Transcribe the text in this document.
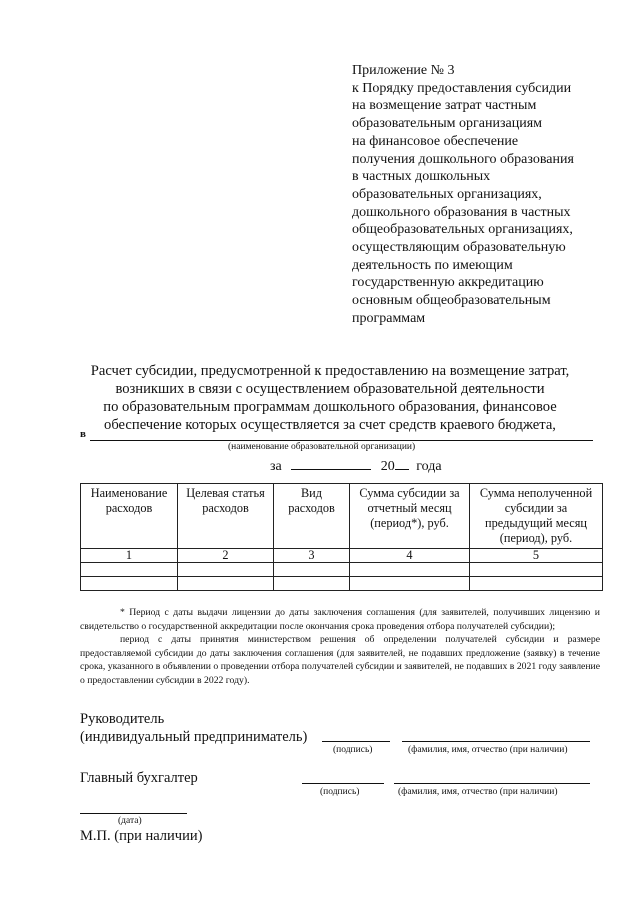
Приложение № 3
к Порядку предоставления субсидии
на возмещение затрат частным
образовательным организациям
на финансовое обеспечение
получения дошкольного образования
в частных дошкольных
образовательных организациях,
дошкольного образования в частных
общеобразовательных организациях,
осуществляющим образовательную
деятельность по имеющим
государственную аккредитацию
основным общеобразовательным
программам
Расчет субсидии, предусмотренной к предоставлению на возмещение затрат,
возникших в связи с осуществлением образовательной деятельности
по образовательным программам дошкольного образования, финансовое
обеспечение которых осуществляется за счет средств краевого бюджета,
в
(наименование образовательной организации)
за	20 года
Наименование расходов	Целевая статья расходов	Вид расходов	Сумма субсидии за отчетный месяц (период*), руб.	Сумма неполученной субсидии за предыдущий месяц (период), руб.
1	2	3	4	5

* Период с даты выдачи лицензии до даты заключения соглашения (для заявителей, получивших лицензию и свидетельство о государственной аккредитации после окончания срока проведения отбора получателей субсидии);

период с даты принятия министерством решения об определении получателей субсидии и размере предоставляемой субсидии до даты заключения соглашения (для заявителей, не подавших предложение (заявку) в течение срока, указанного в объявлении о проведении отбора получателей субсидии и заявителей, не подавших в 2021 году заявление о предоставлении субсидии в 2022 году).

Руководитель
(индивидуальный предприниматель)
(подпись)	(фамилия, имя, отчество (при наличии)
Главный бухгалтер
(подпись)	(фамилия, имя, отчество (при наличии)
(дата)
М.П. (при наличии)
